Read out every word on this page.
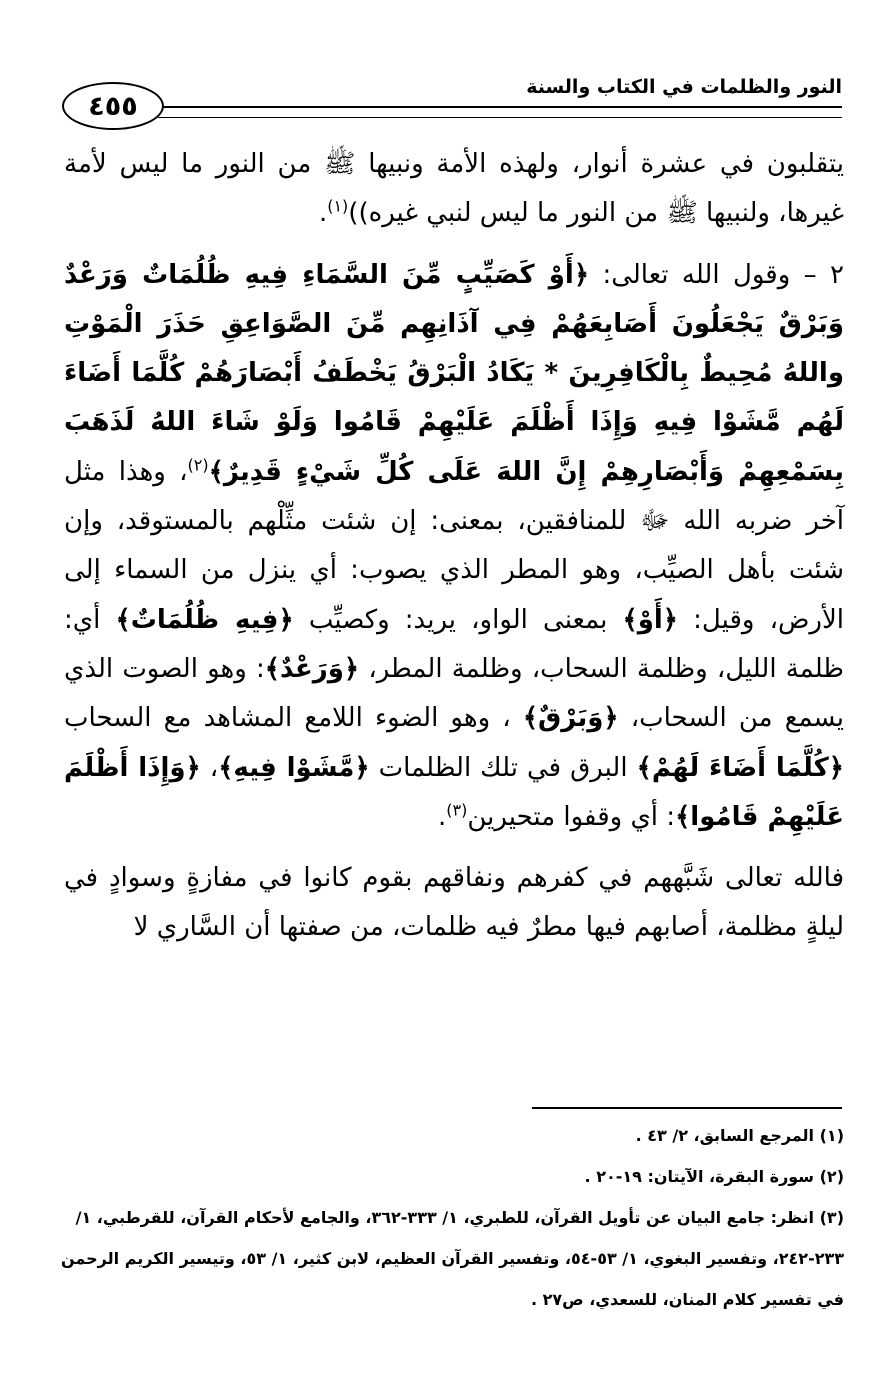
٤٥٥
النور والظلمات في الكتاب والسنة

يتقلبون في عشرة أنوار، ولهذه الأمة ونبيها ﷺ من النور ما ليس لأمة غيرها، ولنبيها ﷺ من النور ما ليس لنبي غيره))$^{(١)}$.

٢ – وقول الله تعالى: ﴿أَوْ كَصَيِّبٍ مِّنَ السَّمَاءِ فِيهِ ظُلُمَاتٌ وَرَعْدٌ وَبَرْقٌ يَجْعَلُونَ أَصَابِعَهُمْ فِي آذَانِهِم مِّنَ الصَّوَاعِقِ حَذَرَ الْمَوْتِ واللهُ مُحِيطٌ بِالْكَافِرِينَ * يَكَادُ الْبَرْقُ يَخْطَفُ أَبْصَارَهُمْ كُلَّمَا أَضَاءَ لَهُم مَّشَوْا فِيهِ وَإِذَا أَظْلَمَ عَلَيْهِمْ قَامُوا وَلَوْ شَاءَ اللهُ لَذَهَبَ بِسَمْعِهِمْ وَأَبْصَارِهِمْ إِنَّ اللهَ عَلَى كُلِّ شَيْءٍ قَدِيرٌ﴾$^{(٢)}$، وهذا مثل آخر ضربه الله ﷻ للمنافقين، بمعنى: إن شئت مثِّلْهم بالمستوقد، وإن شئت بأهل الصيِّب، وهو المطر الذي يصوب: أي ينزل من السماء إلى الأرض، وقيل: ﴿أَوْ﴾ بمعنى الواو، يريد: وكصيِّب ﴿فِيهِ ظُلُمَاتٌ﴾ أي: ظلمة الليل، وظلمة السحاب، وظلمة المطر، ﴿وَرَعْدٌ﴾: وهو الصوت الذي يسمع من السحاب، ﴿وَبَرْقٌ﴾ ، وهو الضوء اللامع المشاهد مع السحاب ﴿كُلَّمَا أَضَاءَ لَهُمْ﴾ البرق في تلك الظلمات ﴿مَّشَوْا فِيهِ﴾، ﴿وَإِذَا أَظْلَمَ عَلَيْهِمْ قَامُوا﴾: أي وقفوا متحيرين$^{(٣)}$.

فالله تعالى شَبَّههم في كفرهم ونفاقهم بقوم كانوا في مفازةٍ وسوادٍ في ليلةٍ مظلمة، أصابهم فيها مطرٌ فيه ظلمات، من صفتها أن السَّاري لا

(١) المرجع السابق، ٢/ ٤٣ .

(٢) سورة البقرة، الآيتان: ١٩-٢٠ .

(٣) انظر: جامع البيان عن تأويل القرآن، للطبري، ١/ ٣٣٣-٣٦٢، والجامع لأحكام القرآن، للقرطبي، ١/ ٢٣٣-٢٤٢، وتفسير البغوي، ١/ ٥٣-٥٤، وتفسير القرآن العظيم، لابن كثير، ١/ ٥٣، وتيسير الكريم الرحمن في تفسير كلام المنان، للسعدي، ص٢٧ .
